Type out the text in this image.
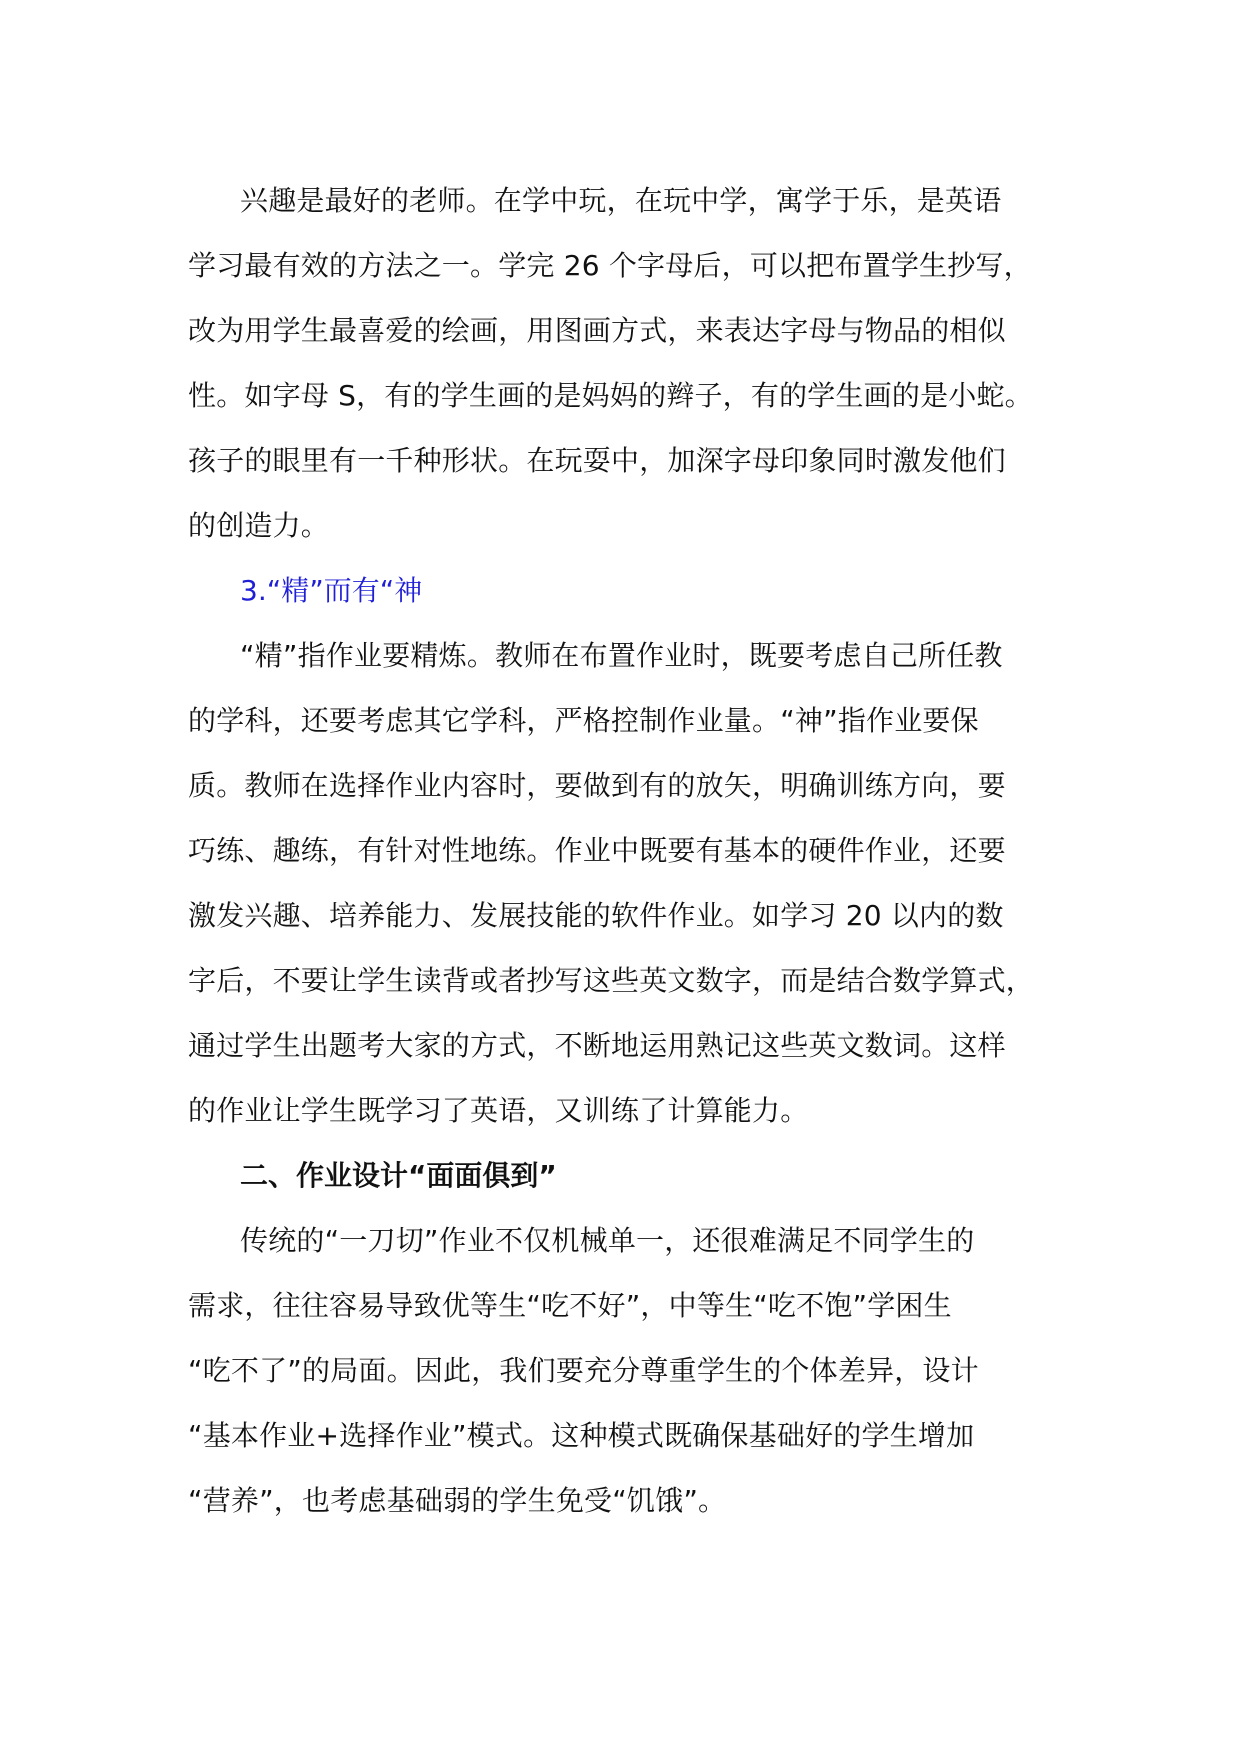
兴趣是最好的老师。在学中玩，在玩中学，寓学于乐，是英语
学习最有效的方法之一。学完 26 个字母后，可以把布置学生抄写，
改为用学生最喜爱的绘画，用图画方式，来表达字母与物品的相似
性。如字母 S，有的学生画的是妈妈的辫子，有的学生画的是小蛇。
孩子的眼里有一千种形状。在玩耍中，加深字母印象同时激发他们
的创造力。
3.“精”而有“神
“精”指作业要精炼。教师在布置作业时，既要考虑自己所任教
的学科，还要考虑其它学科，严格控制作业量。“神”指作业要保
质。教师在选择作业内容时，要做到有的放矢，明确训练方向，要
巧练、趣练，有针对性地练。作业中既要有基本的硬件作业，还要
激发兴趣、培养能力、发展技能的软件作业。如学习 20 以内的数
字后，不要让学生读背或者抄写这些英文数字，而是结合数学算式，
通过学生出题考大家的方式，不断地运用熟记这些英文数词。这样
的作业让学生既学习了英语，又训练了计算能力。
二、作业设计“面面俱到”
传统的“一刀切”作业不仅机械单一，还很难满足不同学生的
需求，往往容易导致优等生“吃不好”，中等生“吃不饱”学困生
“吃不了”的局面。因此，我们要充分尊重学生的个体差异，设计
“基本作业+选择作业”模式。这种模式既确保基础好的学生增加
“营养”，也考虑基础弱的学生免受“饥饿”。
